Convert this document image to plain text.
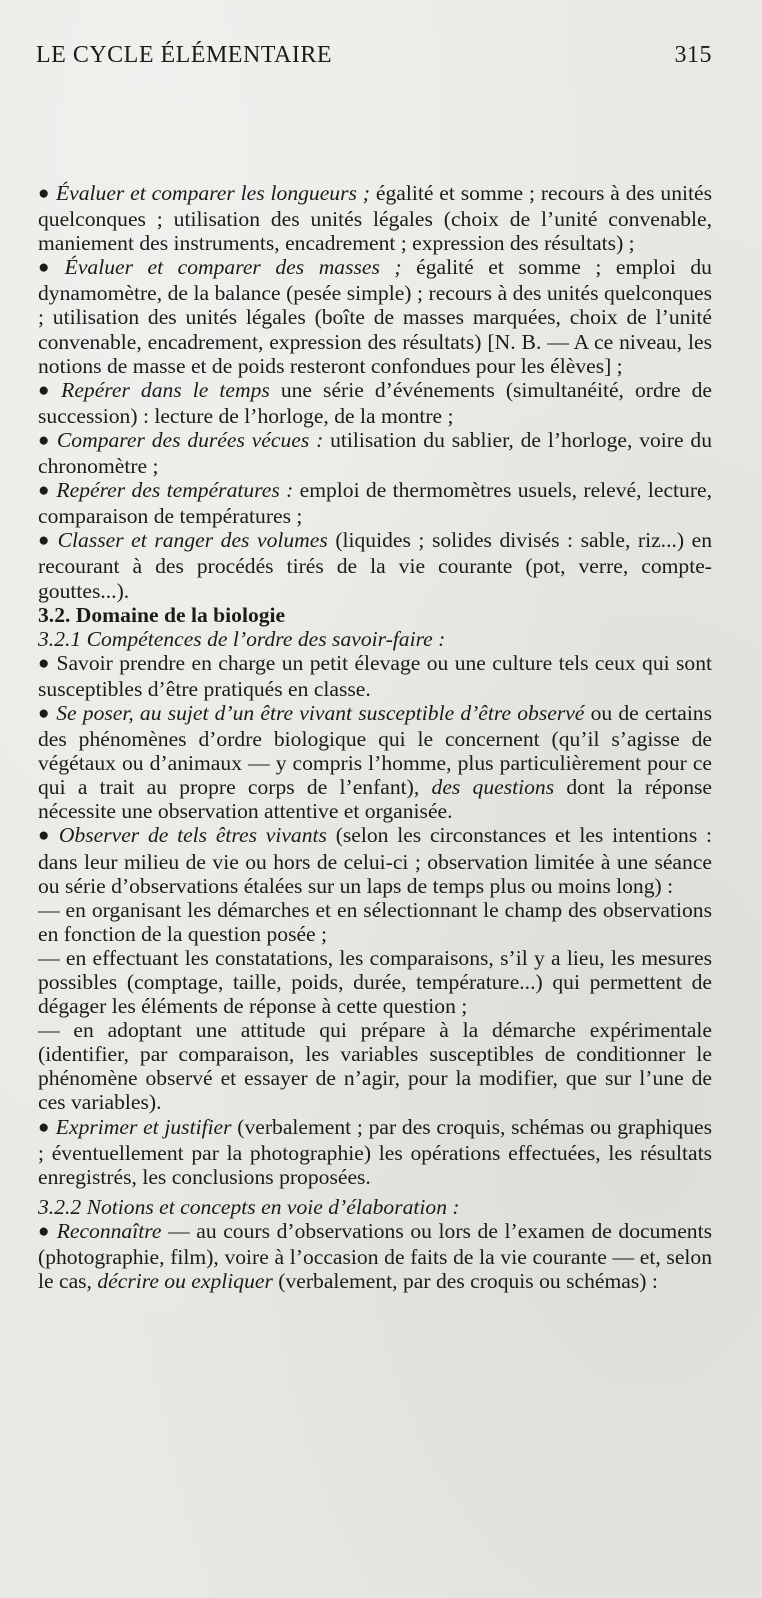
LE CYCLE ÉLÉMENTAIRE	315

● Évaluer et comparer les longueurs ; égalité et somme ; recours à des unités quelconques ; utilisation des unités légales (choix de l’unité convenable, maniement des instruments, encadrement ; expression des résultats) ;

● Évaluer et comparer des masses ; égalité et somme ; emploi du dynamomètre, de la balance (pesée simple) ; recours à des unités quelconques ; utilisation des unités légales (boîte de masses marquées, choix de l’unité convenable, encadrement, expression des résultats) [N. B. — A ce niveau, les notions de masse et de poids resteront confondues pour les élèves] ;

● Repérer dans le temps une série d’événements (simultanéité, ordre de succession) : lecture de l’horloge, de la montre ;

● Comparer des durées vécues : utilisation du sablier, de l’horloge, voire du chronomètre ;

● Repérer des températures : emploi de thermomètres usuels, relevé, lecture, comparaison de températures ;

● Classer et ranger des volumes (liquides ; solides divisés : sable, riz...) en recourant à des procédés tirés de la vie courante (pot, verre, compte-gouttes...).

3.2. Domaine de la biologie

3.2.1 Compétences de l’ordre des savoir-faire :

● Savoir prendre en charge un petit élevage ou une culture tels ceux qui sont susceptibles d’être pratiqués en classe.

● Se poser, au sujet d’un être vivant susceptible d’être observé ou de certains des phénomènes d’ordre biologique qui le concernent (qu’il s’agisse de végétaux ou d’animaux — y compris l’homme, plus particulièrement pour ce qui a trait au propre corps de l’enfant), des questions dont la réponse nécessite une observation attentive et organisée.

● Observer de tels êtres vivants (selon les circonstances et les intentions : dans leur milieu de vie ou hors de celui-ci ; observation limitée à une séance ou série d’observations étalées sur un laps de temps plus ou moins long) :

— en organisant les démarches et en sélectionnant le champ des observations en fonction de la question posée ;

— en effectuant les constatations, les comparaisons, s’il y a lieu, les mesures possibles (comptage, taille, poids, durée, température...) qui permettent de dégager les éléments de réponse à cette question ;

— en adoptant une attitude qui prépare à la démarche expérimentale (identifier, par comparaison, les variables susceptibles de conditionner le phénomène observé et essayer de n’agir, pour la modifier, que sur l’une de ces variables).

● Exprimer et justifier (verbalement ; par des croquis, schémas ou graphiques ; éventuellement par la photographie) les opérations effectuées, les résultats enregistrés, les conclusions proposées.

3.2.2 Notions et concepts en voie d’élaboration :

● Reconnaître — au cours d’observations ou lors de l’examen de documents (photographie, film), voire à l’occasion de faits de la vie courante — et, selon le cas, décrire ou expliquer (verbalement, par des croquis ou schémas) :
